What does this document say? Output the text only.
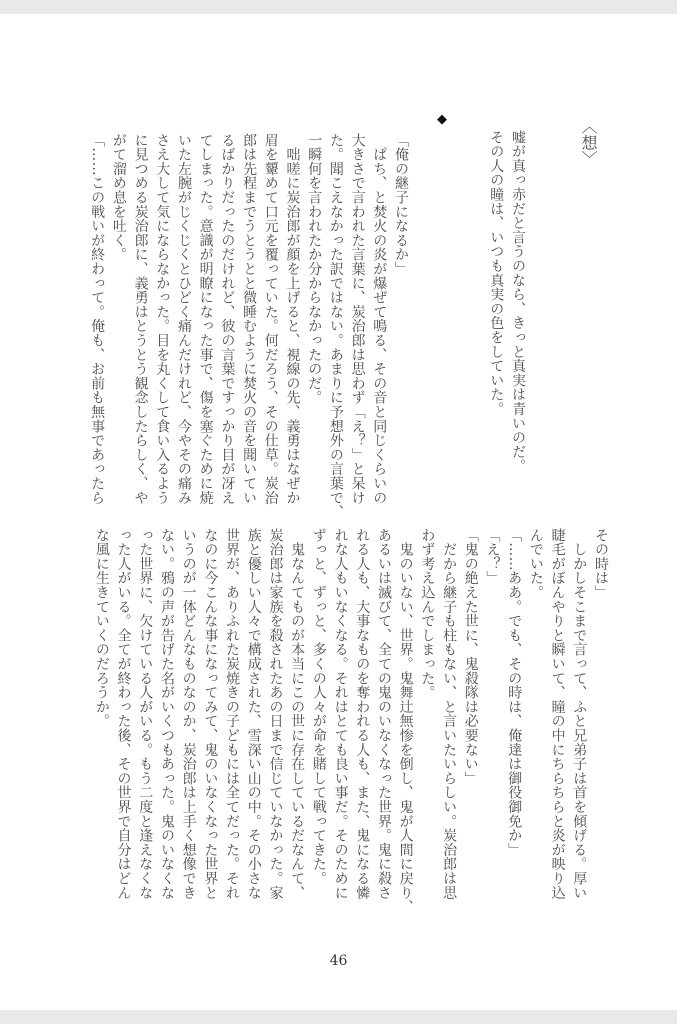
〈想〉
嘘が真っ赤だと言うのなら、きっと真実は青いのだ。
その人の瞳は、いつも真実の色をしていた。
◆
「俺の継子になるか」
　ぱち、と焚火の炎が爆ぜて鳴る、その音と同じくらいの
大きさで言われた言葉に、炭治郎は思わず「え？」と呆け
た。聞こえなかった訳ではない。あまりに予想外の言葉で、
一瞬何を言われたか分からなかったのだ。
　咄嗟に炭治郎が顔を上げると、視線の先、義勇はなぜか
眉を顰めて口元を覆っていた。何だろう、その仕草。炭治
郎は先程までうとうとと微睡むように焚火の音を聞いてい
るばかりだったのだけれど、彼の言葉ですっかり目が冴え
てしまった。意識が明瞭になった事で、傷を塞ぐために焼
いた左腕がじくじくとひどく痛んだけれど、今やその痛み
さえ大して気にならなかった。目を丸くして食い入るよう
に見つめる炭治郎に、義勇はとうとう観念したらしく、や
がて溜め息を吐く。
「……この戦いが終わって。俺も、お前も無事であったら
その時は」
　しかしそこまで言って、ふと兄弟子は首を傾げる。厚い
睫毛がぼんやりと瞬いて、瞳の中にちらちらと炎が映り込
んでいた。
「……ああ。でも、その時は、俺達は御役御免か」
「え？」
「鬼の絶えた世に、鬼殺隊は必要ない」
　だから継子も柱もない、と言いたいらしい。炭治郎は思
わず考え込んでしまった。
　鬼のいない、世界。鬼舞辻無惨を倒し、鬼が人間に戻り、
あるいは滅びて、全ての鬼のいなくなった世界。鬼に殺さ
れる人も、大事なものを奪われる人も、また、鬼になる憐
れな人もいなくなる。それはとても良い事だ。そのために
ずっと、ずっと、多くの人々が命を賭して戦ってきた。
　鬼なんてものが本当にこの世に存在しているだなんて、
炭治郎は家族を殺されたあの日まで信じていなかった。家
族と優しい人々で構成された、雪深い山の中。その小さな
世界が、ありふれた炭焼きの子どもには全てだった。それ
なのに今こんな事になってみて、鬼のいなくなった世界と
いうのが一体どんなものなのか、炭治郎は上手く想像でき
ない。鴉の声が告げた名がいくつもあった。鬼のいなくな
った世界に、欠けている人がいる。もう二度と逢えなくな
った人がいる。全てが終わった後、その世界で自分はどん
な風に生きていくのだろうか。
46
